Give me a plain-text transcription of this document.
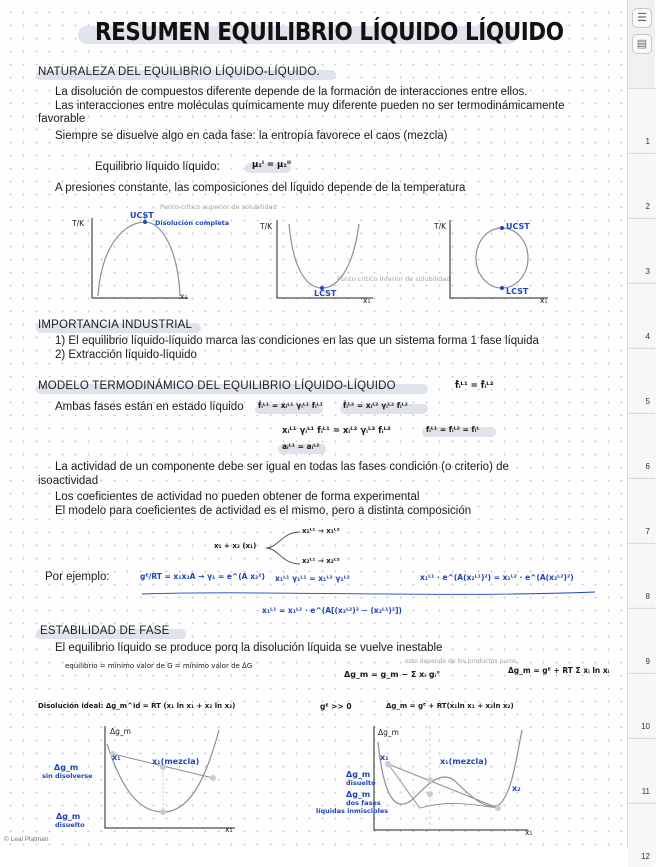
RESUMEN EQUILIBRIO LÍQUIDO LÍQUIDO
NATURALEZA DEL EQUILIBRIO LÍQUIDO-LÍQUIDO.
La disolución de compuestos diferente depende de la formación de interacciones entre ellos.
Las interacciones entre moléculas químicamente muy diferente pueden no ser termodinámicamente
favorable
Siempre se disuelve algo en cada fase: la entropía favorece el caos (mezcla)
Equilibrio líquido líquido:	μ₁ᴵ = μ₁ᴵᴵ
A presiones constante, las composiciones del líquido depende de la temperatura
T/K
UCST
Punto crítico superior de solubilidad
Disolución completa
x₁
T/K
LCST
Punto crítico inferior de solubilidad
x₁
T/K	UCST
LCST
x₁
IMPORTANCIA INDUSTRIAL
1) El equilibrio líquido-líquido marca las condiciones en las que un sistema forma 1 fase líquida
2) Extracción líquido-líquido
MODELO TERMODINÁMICO DEL EQUILIBRIO LÍQUIDO-LÍQUIDO	f̂ᵢᴸ¹ = f̂ᵢᴸ²
Ambas fases están en estado líquido f̂ᵢᴸ¹ = xᵢᴸ¹ γᵢᴸ¹ fᵢᴸ¹	f̂ᵢᴸ² = xᵢᴸ² γᵢᴸ² fᵢᴸ²
xᵢᴸ¹ γᵢᴸ¹ fᵢᴸ¹ = xᵢᴸ² γᵢᴸ² fᵢᴸ²	fᵢᴸ¹ = fᵢᴸ² = fᵢᴸ
aᵢᴸ¹ = aᵢᴸ²
La actividad de un componente debe ser igual en todas las fases condición (o criterio) de
isoactividad
Los coeficientes de actividad no pueden obtener de forma experimental
El modelo para coeficientes de actividad es el mismo, pero a distinta composición
x₁ + x₂ (x₁)
x₁ᴸ¹ → x₁ᴸ²
x₂ᴸ¹ → x₂ᴸ²
Por ejemplo:	gᴱ/RT = x₁x₂A → γ₁ = e^(A x₂²) x₁ᴸ¹ γ₁ᴸ¹ = x₁ᴸ² γ₁ᴸ²	x₁ᴸ¹ · e^(A(x₂ᴸ¹)²) = x₁ᴸ² · e^(A(x₂ᴸ²)²)
x₁ᴸ¹ = x₁ᴸ² · e^(A[(x₂ᴸ²)² − (x₂ᴸ¹)²])
ESTABILIDAD DE FASE
El equilibrio líquido se produce porq la disolución líquida se vuelve inestable
equilibrio = mínimo valor de G = mínimo valor de ΔG
Δg_m = g_m − Σ xᵢ gᵢ°
esto depende de los productos puros
Δg_m = gᴱ + RT Σ xᵢ ln xᵢ
Disolución ideal: Δg_m^id = RT (x₁ ln x₁ + x₂ ln x₂)	gᴱ >> 0	Δg_m = gᴱ + RT(x₁ln x₁ + x₂ln x₂)
Δg_m
x₁	x₁(mezcla)
Δg_m
sin disolverse
Δg_m
disuelto	x₁
Δg_m
x₁	x₁(mezcla)
x₂
Δg_m
disuelto
Δg_m
dos fases
líquidas inmiscibles
x₁
© Leal Platman
☰
▤
1
2
3
4
5
6
7
8
9
10
11
12
